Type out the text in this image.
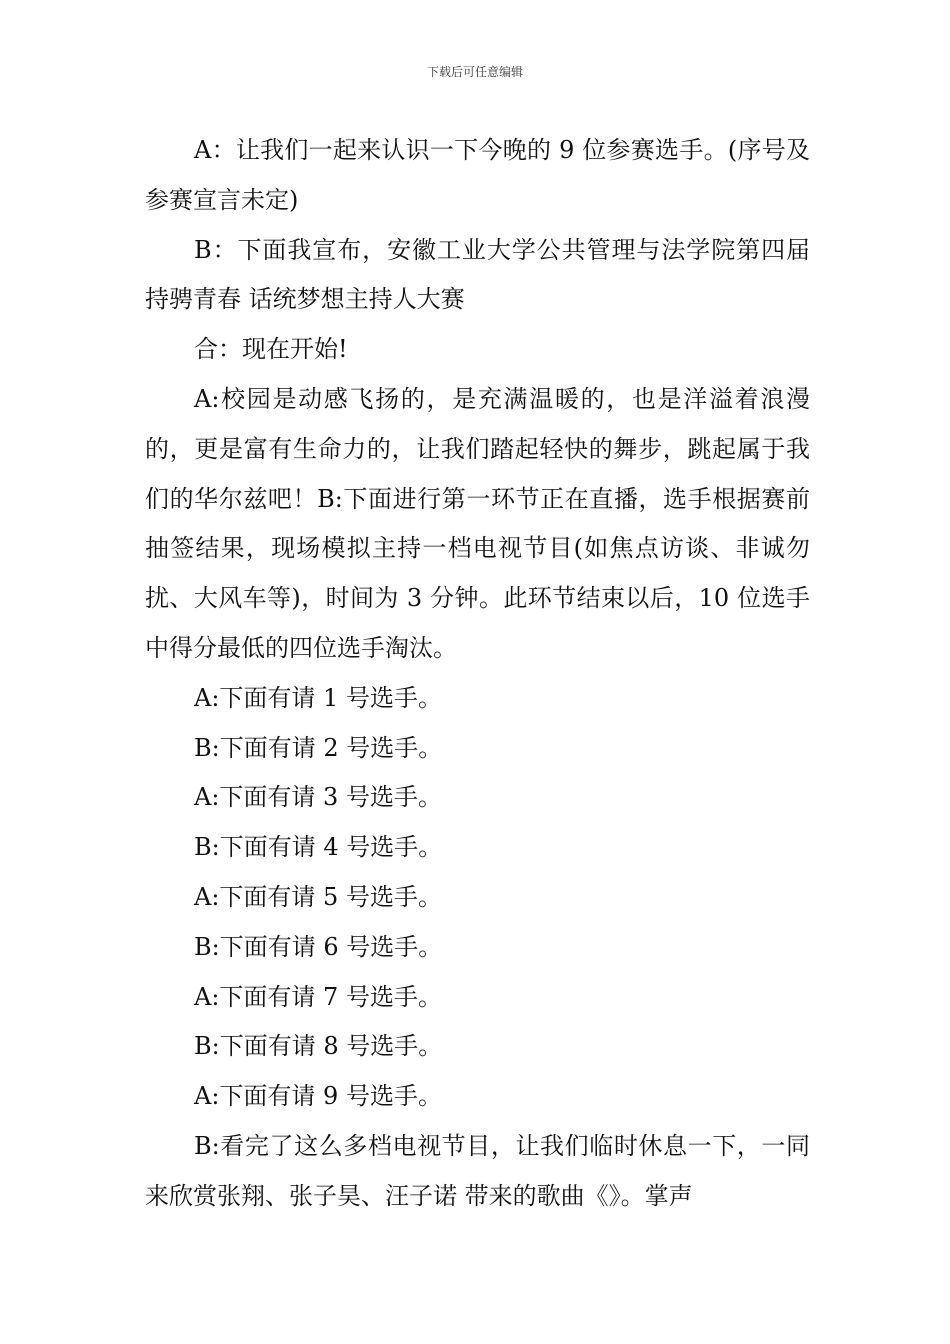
下载后可任意编辑

A：让我们一起来认识一下今晚的 9 位参赛选手。(序号及参赛宣言未定)

B：下面我宣布，安徽工业大学公共管理与法学院第四届持骋青春 话统梦想主持人大赛

合：现在开始!

A:校园是动感飞扬的，是充满温暖的，也是洋溢着浪漫的，更是富有生命力的，让我们踏起轻快的舞步，跳起属于我们的华尔兹吧！B:下面进行第一环节正在直播，选手根据赛前抽签结果，现场模拟主持一档电视节目(如焦点访谈、非诚勿扰、大风车等)，时间为 3 分钟。此环节结束以后，10 位选手中得分最低的四位选手淘汰。

A:下面有请 1 号选手。

B:下面有请 2 号选手。

A:下面有请 3 号选手。

B:下面有请 4 号选手。

A:下面有请 5 号选手。

B:下面有请 6 号选手。

A:下面有请 7 号选手。

B:下面有请 8 号选手。

A:下面有请 9 号选手。

B:看完了这么多档电视节目，让我们临时休息一下，一同来欣赏张翔、张子昊、汪子诺 带来的歌曲《》。掌声
